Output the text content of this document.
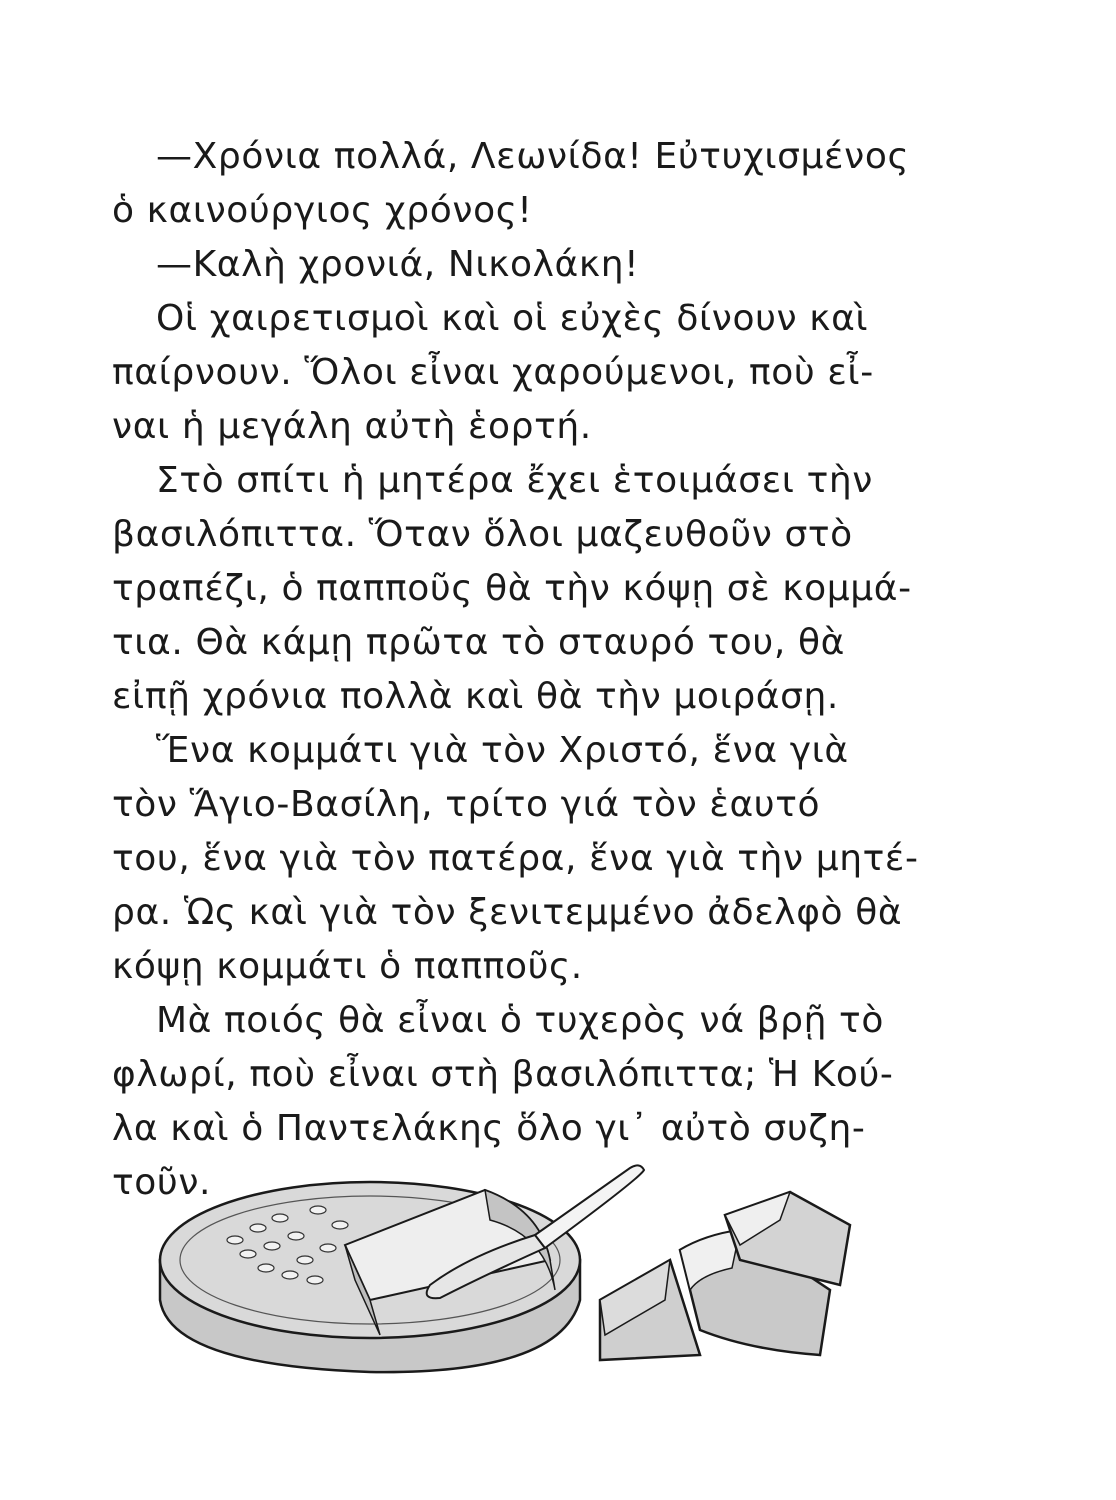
—Χρόνια πολλά, Λεωνίδα! Εὐτυχισμένος
ὁ καινούργιος χρόνος!
—Καλὴ χρονιά, Νικολάκη!
Οἱ χαιρετισμοὶ καὶ οἱ εὐχὲς δίνουν καὶ
παίρνουν. Ὅλοι εἶναι χαρούμενοι, ποὺ εἶ-
ναι ἡ μεγάλη αὐτὴ ἑορτή.
Στὸ σπίτι ἡ μητέρα ἔχει ἑτοιμάσει τὴν
βασιλόπιττα. Ὅταν ὅλοι μαζευθοῦν στὸ
τραπέζι, ὁ παπποῦς θὰ τὴν κόψῃ σὲ κομμά-
τια. Θὰ κάμῃ πρῶτα τὸ σταυρό του, θὰ
εἰπῇ χρόνια πολλὰ καὶ θὰ τὴν μοιράσῃ.
Ἕνα κομμάτι γιὰ τὸν Χριστό, ἕνα γιὰ
τὸν Ἅγιο-Βασίλη, τρίτο γιά τὸν ἑαυτό
του, ἕνα γιὰ τὸν πατέρα, ἕνα γιὰ τὴν μητέ-
ρα. Ὡς καὶ γιὰ τὸν ξενιτεμμένο ἀδελφὸ θὰ
κόψῃ κομμάτι ὁ παπποῦς.
Μὰ ποιός θὰ εἶναι ὁ τυχερὸς νά βρῇ τὸ
φλωρί, ποὺ εἶναι στὴ βασιλόπιττα; Ἡ Κού-
λα καὶ ὁ Παντελάκης ὅλο γι᾽ αὐτὸ συζη-
τοῦν.
